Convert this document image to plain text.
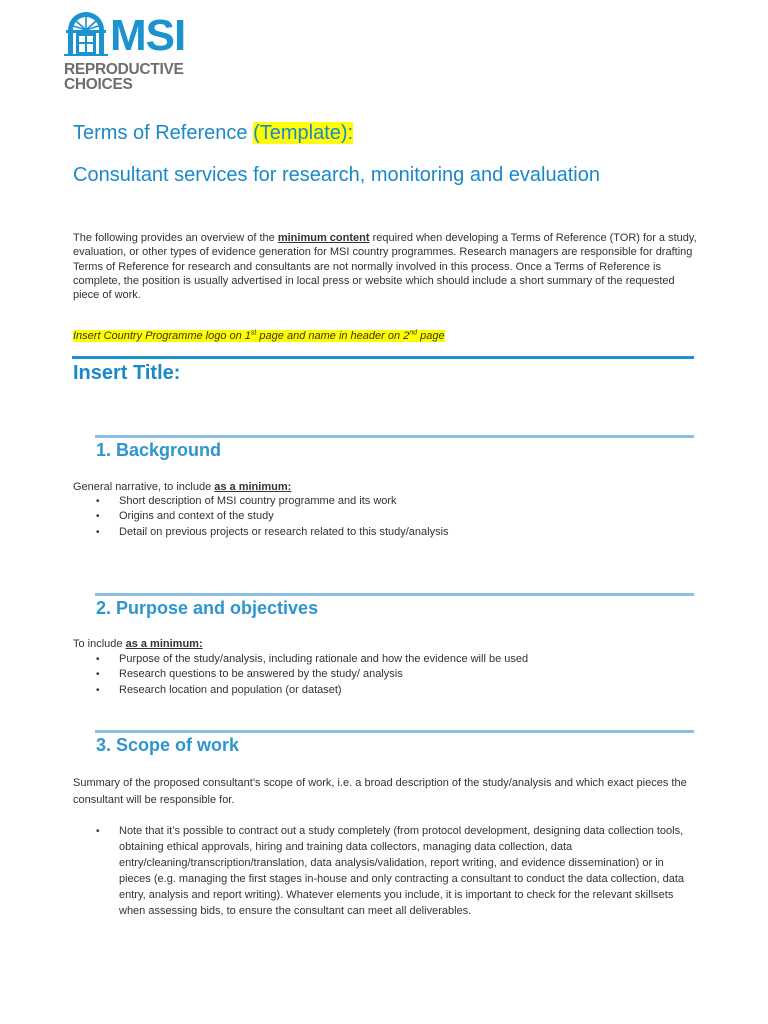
MSI
REPRODUCTIVE
CHOICES
Terms of Reference (Template):
Consultant services for research, monitoring and evaluation

The following provides an overview of the minimum content required when developing a Terms of Reference (TOR) for a study, evaluation, or other types of evidence generation for MSI country programmes. Research managers are responsible for drafting Terms of Reference for research and consultants are not normally involved in this process. Once a Terms of Reference is complete, the position is usually advertised in local press or website which should include a short summary of the requested piece of work.

Insert Country Programme logo on 1st page and name in header on 2nd page

Insert Title:
1. Background

General narrative, to include as a minimum:

• Short description of MSI country programme and its work
• Origins and context of the study
• Detail on previous projects or research related to this study/analysis
2. Purpose and objectives

To include as a minimum:

• Purpose of the study/analysis, including rationale and how the evidence will be used
• Research questions to be answered by the study/ analysis
• Research location and population (or dataset)
3. Scope of work

Summary of the proposed consultant’s scope of work, i.e. a broad description of the study/analysis and which exact pieces the consultant will be responsible for.

• Note that it’s possible to contract out a study completely (from protocol development, designing data collection tools, obtaining ethical approvals, hiring and training data collectors, managing data collection, data entry/cleaning/transcription/translation, data analysis/validation, report writing, and evidence dissemination) or in pieces (e.g. managing the first stages in-house and only contracting a consultant to conduct the data collection, data entry, analysis and report writing). Whatever elements you include, it is important to check for the relevant skillsets when assessing bids, to ensure the consultant can meet all deliverables.
